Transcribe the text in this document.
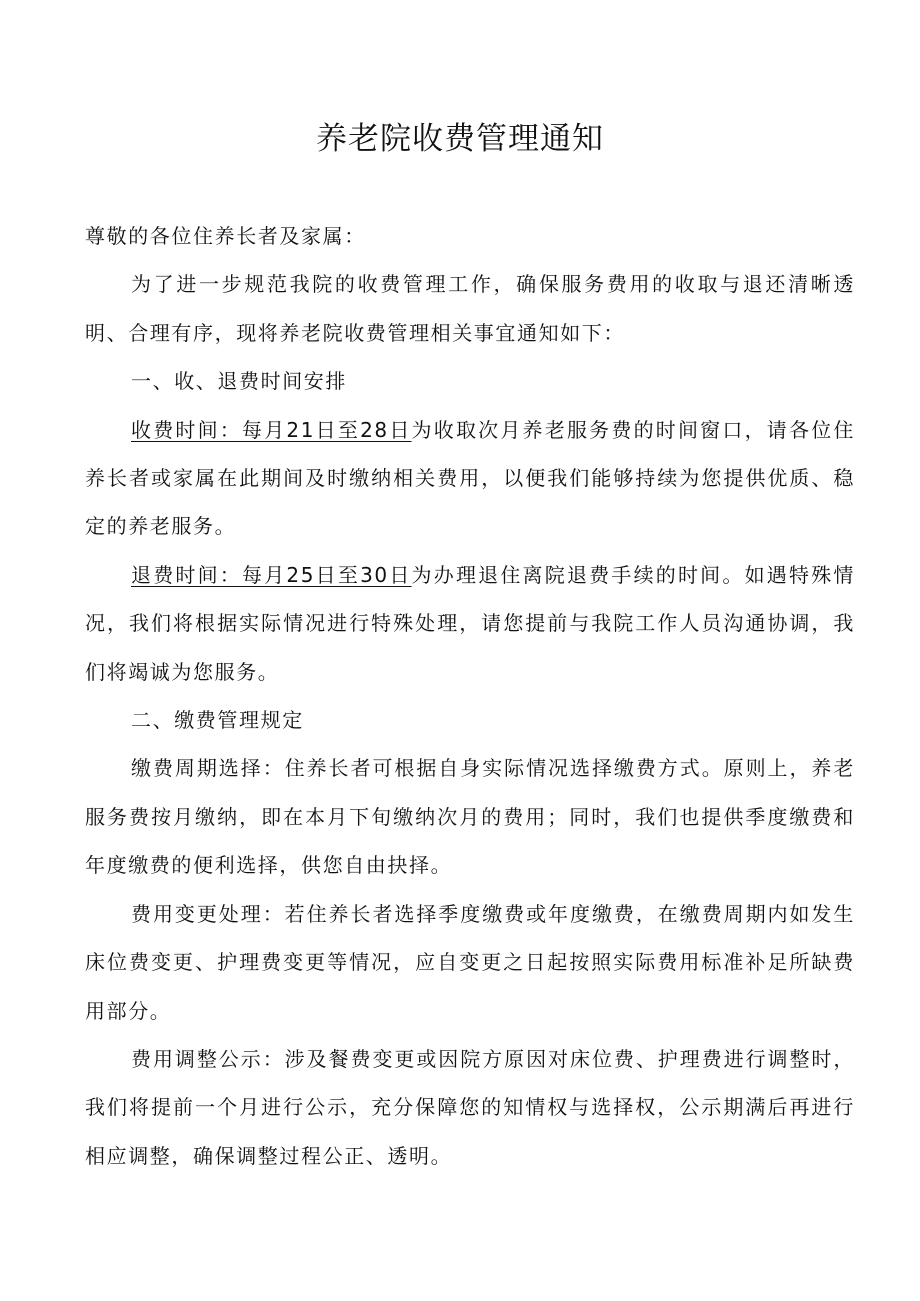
养老院收费管理通知

尊敬的各位住养长者及家属：

为了进一步规范我院的收费管理工作，确保服务费用的收取与退还清晰透明、合理有序，现将养老院收费管理相关事宜通知如下：

一、收、退费时间安排

收费时间：每月21日至28日为收取次月养老服务费的时间窗口，请各位住养长者或家属在此期间及时缴纳相关费用，以便我们能够持续为您提供优质、稳定的养老服务。

退费时间：每月25日至30日为办理退住离院退费手续的时间。如遇特殊情况，我们将根据实际情况进行特殊处理，请您提前与我院工作人员沟通协调，我们将竭诚为您服务。

二、缴费管理规定

缴费周期选择：住养长者可根据自身实际情况选择缴费方式。原则上，养老服务费按月缴纳，即在本月下旬缴纳次月的费用；同时，我们也提供季度缴费和年度缴费的便利选择，供您自由抉择。

费用变更处理：若住养长者选择季度缴费或年度缴费，在缴费周期内如发生床位费变更、护理费变更等情况，应自变更之日起按照实际费用标准补足所缺费用部分。

费用调整公示：涉及餐费变更或因院方原因对床位费、护理费进行调整时，我们将提前一个月进行公示，充分保障您的知情权与选择权，公示期满后再进行相应调整，确保调整过程公正、透明。
